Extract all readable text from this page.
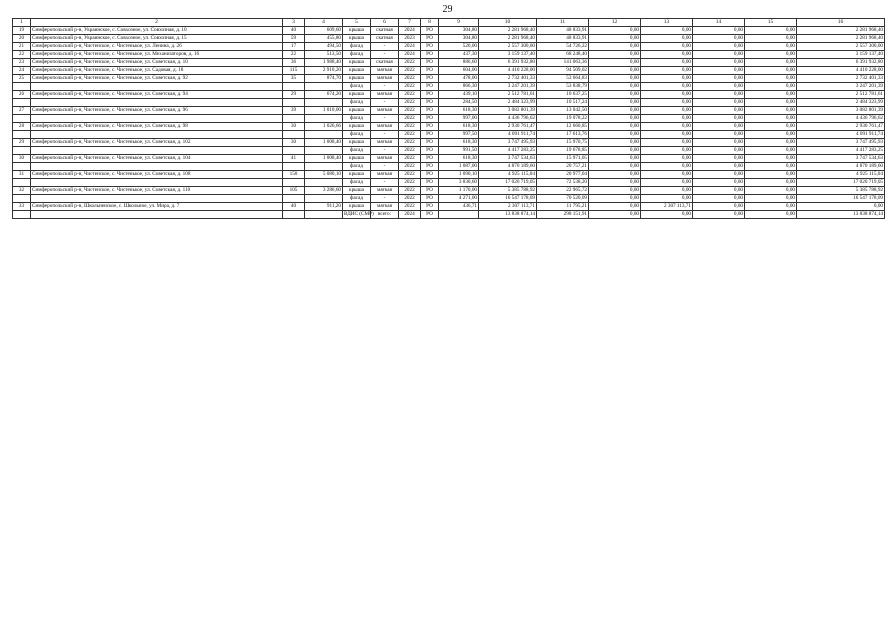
29
1	2	3	4	5	6	7	8	9	10	11	12	13	14	15	16
19	Симферопольский р-н, Украинское, с. Совхозное, ул. Совхозная, д. 10	40	609,60	крыша	скатная	2024	РО	304,80	2 281 968,40	48 833,91	0,00	0,00	0,00	0,00	2 281 968,40
20	Симферопольский р-н, Украинское, с. Совхозное, ул. Совхозная, д. 15	59	455,80	крыша	скатная	2023	РО	304,80	2 281 968,40	48 833,91	0,00	0,00	0,00	0,00	2 281 968,40
21	Симферопольский р-н, Чистенское, с. Чистенькое, ул. Ленина, д. 26	17	494,50	фасад	-	2024	РО	520,00	2 557 300,00	54 726,22	0,00	0,00	0,00	0,00	2 557 300,00
22	Симферопольский р-н, Чистенское, с. Чистенькое, ул. Механизаторов, д. 16	22	513,50	фасад	-	2024	РО	437,30	3 159 137,40	68 248,40	0,00	0,00	0,00	0,00	3 159 137,40
23	Симферопольский р-н, Чистенское, с. Чистенькое, ул. Советская, д. 10	36	1 988,40	крыша	скатная	2022	РО	886,60	6 391 932,80	141 063,36	0,00	0,00	0,00	0,00	6 391 932,80
24	Симферопольский р-н, Чистенское, с. Чистенькое, ул. Садовая, д. 18	115	2 910,20	крыша	мягкая	2022	РО	604,00	4 410 228,00	94 509,02	0,00	0,00	0,00	0,00	4 410 228,00
25	Симферопольский р-н, Чистенское, с. Чистенькое, ул. Советская, д. 92	35	874,70	крыша	мягкая	2022	РО	478,00	2 732 401,33	53 664,83	0,00	0,00	0,00	0,00	2 732 401,33
				фасад	-	2022	РО	866,30	3 247 201,39	53 838,79	0,00	0,00	0,00	0,00	3 247 201,39
26	Симферопольский р-н, Чистенское, с. Чистенькое, ул. Советская, д. 94	29	674,20	крыша	мягкая	2022	РО	439,10	2 512 781,61	10 637,25	0,00	0,00	0,00	0,00	2 512 781,61
				фасад	-	2022	РО	284,50	2 484 323,99	10 517,24	0,00	0,00	0,00	0,00	2 484 323,99
27	Симферопольский р-н, Чистенское, с. Чистенькое, ул. Советская, д. 96	39	1 010,00	крыша	мягкая	2022	РО	618,30	3 082 801,39	13 042,50	0,00	0,00	0,00	0,00	3 082 801,39
				фасад	-	2022	РО	997,00	4 436 796,62	19 078,22	0,00	0,00	0,00	0,00	4 436 796,62
28	Симферопольский р-н, Чистенское, с. Чистенькое, ул. Советская, д. 98	30	1 026,66	крыша	мягкая	2022	РО	618,30	2 930 761,47	12 660,85	0,00	0,00	0,00	0,00	2 930 761,47
				фасад	-	2022	РО	997,50	4 091 911,74	17 613,76	0,00	0,00	0,00	0,00	4 091 911,74
29	Симферопольский р-н, Чистенское, с. Чистенькое, ул. Советская, д. 102	30	1 008,40	крыша	мягкая	2022	РО	618,30	3 747 495,93	15 970,75	0,00	0,00	0,00	0,00	3 747 495,93
				фасад	-	2022	РО	991,50	4 417 283,25	19 678,85	0,00	0,00	0,00	0,00	4 417 283,25
30	Симферопольский р-н, Чистенское, с. Чистенькое, ул. Советская, д. 104	41	1 008,40	крыша	мягкая	2022	РО	618,30	3 747 534,63	15 971,05	0,00	0,00	0,00	0,00	3 747 534,63
				фасад	-	2022	РО	1 087,00	4 870 189,60	20 757,21	0,00	0,00	0,00	0,00	4 870 189,60
31	Симферопольский р-н, Чистенское, с. Чистенькое, ул. Советская, д. 108	150	5 080,10	крыша	мягкая	2022	РО	1 090,10	4 925 115,04	20 977,04	0,00	0,00	0,00	0,00	4 925 115,04
				фасад	-	2022	РО	3 830,60	17 020 719,05	72 538,20	0,00	0,00	0,00	0,00	17 020 719,05
32	Симферопольский р-н, Чистенское, с. Чистенькое, ул. Советская, д. 110	105	3 286,60	крыша	мягкая	2022	РО	1 170,00	5 385 788,92	22 965,72	0,00	0,00	0,00	0,00	5 385 788,92
				фасад	-	2022	РО	4 271,00	16 547 178,09	70 520,09	0,00	0,00	0,00	0,00	16 547 178,09
33	Симферопольский р-н, Школьненское, с. Школьное, ул. Мира, д. 7	40	911,20	крыша	мягкая	2022	РО	436,71	2 307 113,71	11 795,21	0,00	2 307 113,71	0,00	0,00	0,00
				ВДИС (СМР)	всего:	2024	РО		13 838 874,14	298 151,91	0,00	0,00	0,00	0,00	13 838 874,14
